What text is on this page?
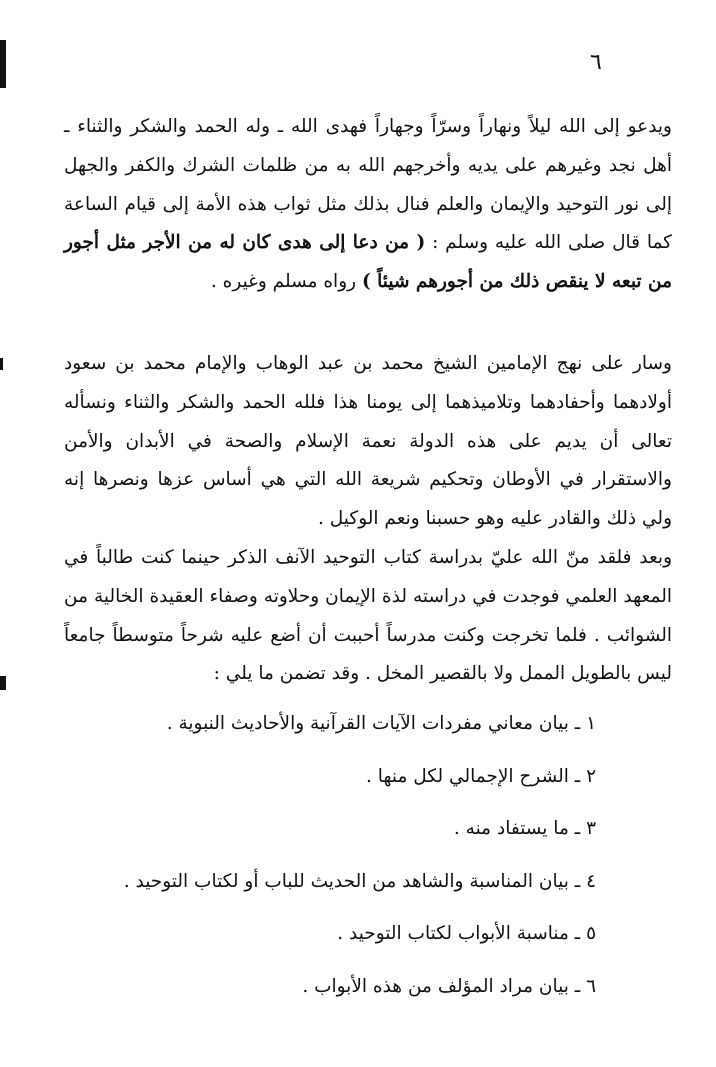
٦

ويدعو إلى الله ليلاً ونهاراً وسرّاً وجهاراً فهدى الله ـ وله الحمد والشكر والثناء ـ أهل نجد وغيرهم على يديه وأخرجهم الله به من ظلمات الشرك والكفر والجهل إلى نور التوحيد والإيمان والعلم فنال بذلك مثل ثواب هذه الأمة إلى قيام الساعة كما قال صلى الله عليه وسلم : ( من دعا إلى هدى كان له من الأجر مثل أجور من تبعه لا ينقص ذلك من أجورهم شيئاً ) رواه مسلم وغيره .

وسار على نهج الإمامين الشيخ محمد بن عبد الوهاب والإمام محمد بن سعود أولادهما وأحفادهما وتلاميذهما إلى يومنا هذا فلله الحمد والشكر والثناء ونسأله تعالى أن يديم على هذه الدولة نعمة الإسلام والصحة في الأبدان والأمن والاستقرار في الأوطان وتحكيم شريعة الله التي هي أساس عزها ونصرها إنه ولي ذلك والقادر عليه وهو حسبنا ونعم الوكيل .

وبعد فلقد منّ الله عليّ بدراسة كتاب التوحيد الآنف الذكر حينما كنت طالباً في المعهد العلمي فوجدت في دراسته لذة الإيمان وحلاوته وصفاء العقيدة الخالية من الشوائب . فلما تخرجت وكنت مدرساً أحببت أن أضع عليه شرحاً متوسطاً جامعاً ليس بالطويل الممل ولا بالقصير المخل . وقد تضمن ما يلي :

١ ـ بيان معاني مفردات الآيات القرآنية والأحاديث النبوية .
٢ ـ الشرح الإجمالي لكل منها .
٣ ـ ما يستفاد منه .
٤ ـ بيان المناسبة والشاهد من الحديث للباب أو لكتاب التوحيد .
٥ ـ مناسبة الأبواب لكتاب التوحيد .
٦ ـ بيان مراد المؤلف من هذه الأبواب .
